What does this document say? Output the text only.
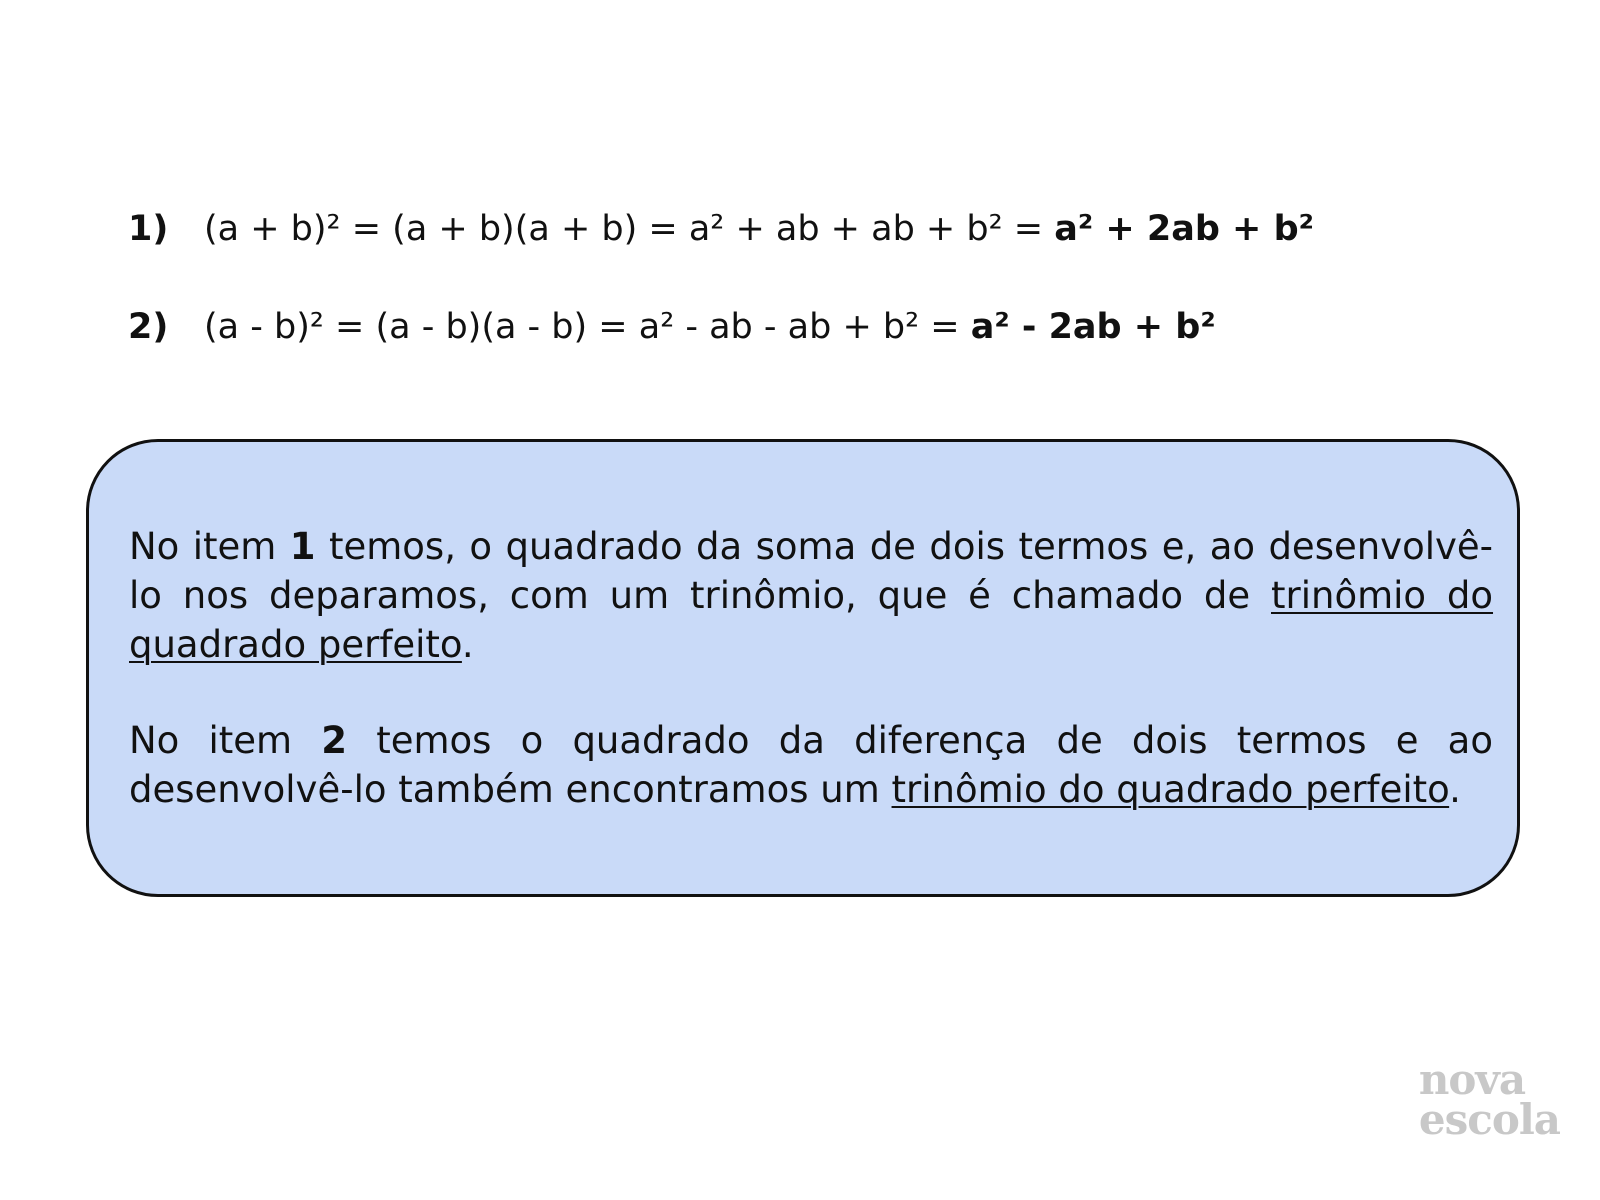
1)	(a + b)² = (a + b)(a + b) = a² + ab + ab + b² = a² + 2ab + b²
2)	(a - b)² = (a - b)(a - b) = a² - ab - ab + b² = a² - 2ab + b²

No item 1 temos, o quadrado da soma de dois termos e, ao desenvolvê-lo nos deparamos, com um trinômio, que é chamado de trinômio do quadrado perfeito.

No item 2 temos o quadrado da diferença de dois termos e ao desenvolvê-lo também encontramos um trinômio do quadrado perfeito.

nova
escola
